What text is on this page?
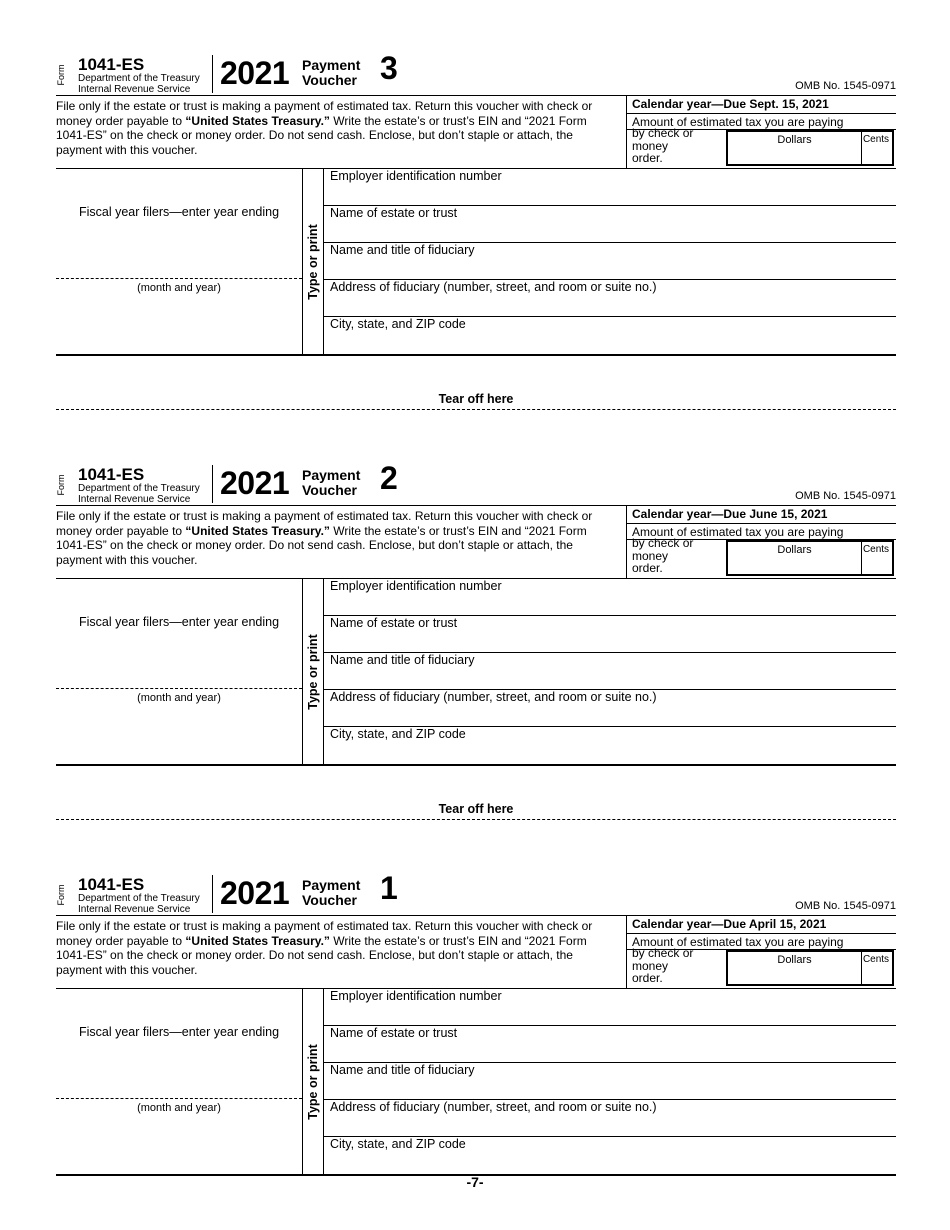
Form 1041-ES
Department of the Treasury
Internal Revenue Service 2021 Payment
Voucher 3	OMB No. 1545-0971
File only if the estate or trust is making a payment of estimated tax. Return this voucher with check or money order payable to “United States Treasury.” Write the estate’s or trust’s EIN and “2021 Form 1041-ES” on the check or money order. Do not send cash. Enclose, but don’t staple or attach, the payment with this voucher.
Calendar year—Due Sept. 15, 2021
Amount of estimated tax you are paying
by check or
money
order.
Dollars	Cents
Fiscal year filers—enter year ending
(month and year)	Type or print
Employer identification number
Name of estate or trust
Name and title of fiduciary
Address of fiduciary (number, street, and room or suite no.)
City, state, and ZIP code
Tear off here
Form 1041-ES
Department of the Treasury
Internal Revenue Service 2021 Payment
Voucher 2	OMB No. 1545-0971
File only if the estate or trust is making a payment of estimated tax. Return this voucher with check or money order payable to “United States Treasury.” Write the estate’s or trust’s EIN and “2021 Form 1041-ES” on the check or money order. Do not send cash. Enclose, but don’t staple or attach, the payment with this voucher.
Calendar year—Due June 15, 2021
Amount of estimated tax you are paying
by check or
money
order.
Dollars	Cents
Fiscal year filers—enter year ending
(month and year)	Type or print
Employer identification number
Name of estate or trust
Name and title of fiduciary
Address of fiduciary (number, street, and room or suite no.)
City, state, and ZIP code
Tear off here
Form 1041-ES
Department of the Treasury
Internal Revenue Service 2021 Payment
Voucher 1	OMB No. 1545-0971
File only if the estate or trust is making a payment of estimated tax. Return this voucher with check or money order payable to “United States Treasury.” Write the estate’s or trust’s EIN and “2021 Form 1041-ES” on the check or money order. Do not send cash. Enclose, but don’t staple or attach, the payment with this voucher.
Calendar year—Due April 15, 2021
Amount of estimated tax you are paying
by check or
money
order.
Dollars	Cents
Fiscal year filers—enter year ending
(month and year)	Type or print
Employer identification number
Name of estate or trust
Name and title of fiduciary
Address of fiduciary (number, street, and room or suite no.)
City, state, and ZIP code
-7-
